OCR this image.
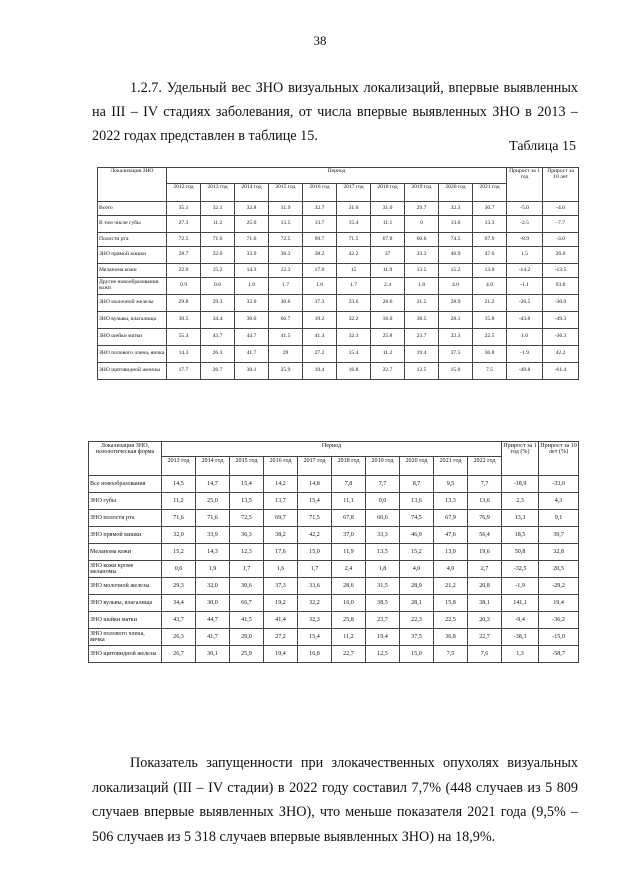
38

1.2.7. Удельный вес ЗНО визуальных локализаций, впервые выявленных на III – IV стадиях заболевания, от числа впервые выявленных ЗНО в 2013 – 2022 годах представлен в таблице 15.

Таблица 15
Локализация ЗНО	Период										Прирост за 1 год	Прирост за 10 лет
	2012 год	2013 год	2014 год	2015 год	2016 год	2017 год	2018 год	2019 год	2020 год	2021 год		
Всего	35.1	32.1	32.8	31.9	32.7	31.6	31.0	29.7	32.3	30.7	-5.0	-4.0
В том числе губы	27.3	11.2	25.0	13.5	13.7	15.4	11.1	0	13.6	13.3	-2.5	-7.7
Полости рта	72.5	71.6	71.6	72.5	69.7	71.5	67.8	60.6	74.5	67.9	-8.9	-3.0
ЗНО прямой кишки	28.7	32.0	33.9	36.3	38.2	42.2	37	33.3	46.9	47.6	1.5	26.6
Меланома кожи	22.6	15.2	14.3	12.3	17.6	15	11.9	13.5	15.2	13.0	-14.2	-13.5
Другие новообразования кожи	0.9	0.6	1.9	1.7	1.6	1.7	2.4	1.8	4.0	4.0	-1.1	93.8
ЗНО молочной железы	29.8	29.3	32.0	30.6	37.3	33.6	28.6	31.5	28.9	21.2	-26.5	-30.0
ЗНО вульвы, влагалища	30.5	34.4	30.0	66.7	19.2	32.2	16.0	38.5	28.1	15.8	-43.8	-49.3
ЗНО шейки матки	55.4	43.7	44.7	41.5	41.4	32.3	25.8	23.7	22.3	22.5	1.0	-36.3
ЗНО полового члена, яичка	14.3	26.3	41.7	29	27.2	15.4	11.2	19.4	37.5	36.8	-1.9	42.2
ЗНО щитовидной железы	17.7	26.7	30.1	25.9	19.4	16.8	22.7	12.5	15.0	7.5	-49.8	-61.4
Локализация ЗНО, нозологическая форма	Период										Прирост за 1 год (%)	Прирост за 10 лет (%)
	2013 год	2014 год	2015 год	2016 год	2017 год	2018 год	2019 год	2020 год	2021 год	2022 год		
Все новообразования	14,5	14,7	15,4	14,2	14,8	7,8	7,7	8,7	9,5	7,7	-18,9	-33,0
ЗНО губы	11,2	25,0	13,5	13,7	15,4	11,1	0,0	13,6	13,3	13,6	2,3	4,3
ЗНО полости рта	71,6	71,6	72,5	69,7	71,5	67,8	60,6	74,5	67,9	76,9	13,3	9,1
ЗНО прямой кишки	32,0	33,9	36,3	38,2	42,2	37,0	33,3	46,9	47,6	56,4	18,5	39,7
Меланома кожи	15,2	14,3	12,3	17,6	15,0	11,9	13,5	15,2	13,0	19,6	50,8	32,8
ЗНО кожи кроме меланомы	0,6	1,9	1,7	1,6	1,7	2,4	1,8	4,0	4,0	2,7	-32,5	20,5
ЗНО молочной железы	29,3	32,0	30,6	37,3	33,6	28,6	31,5	28,9	21,2	20,8	-1,9	-29,2
ЗНО вульвы, влагалища	34,4	30,0	66,7	19,2	32,2	16,0	38,5	28,1	15,8	38,1	141,1	19,4
ЗНО шейки матки	43,7	44,7	41,5	41,4	32,3	25,8	23,7	22,3	22,5	20,3	-9,4	-36,2
ЗНО полового члена, яичка	26,3	41,7	29,0	27,2	15,4	11,2	19,4	37,5	36,8	22,7	-38,3	-15,0
ЗНО щитовидной железы	26,7	30,1	25,9	19,4	16,8	22,7	12,5	15,0	7,5	7,6	1,3	-58,7

Показатель запущенности при злокачественных опухолях визуальных локализаций (III – IV стадии) в 2022 году составил 7,7% (448 случаев из 5 809 случаев впервые выявленных ЗНО), что меньше показателя 2021 года (9,5% – 506 случаев из 5 318 случаев впервые выявленных ЗНО) на 18,9%.
